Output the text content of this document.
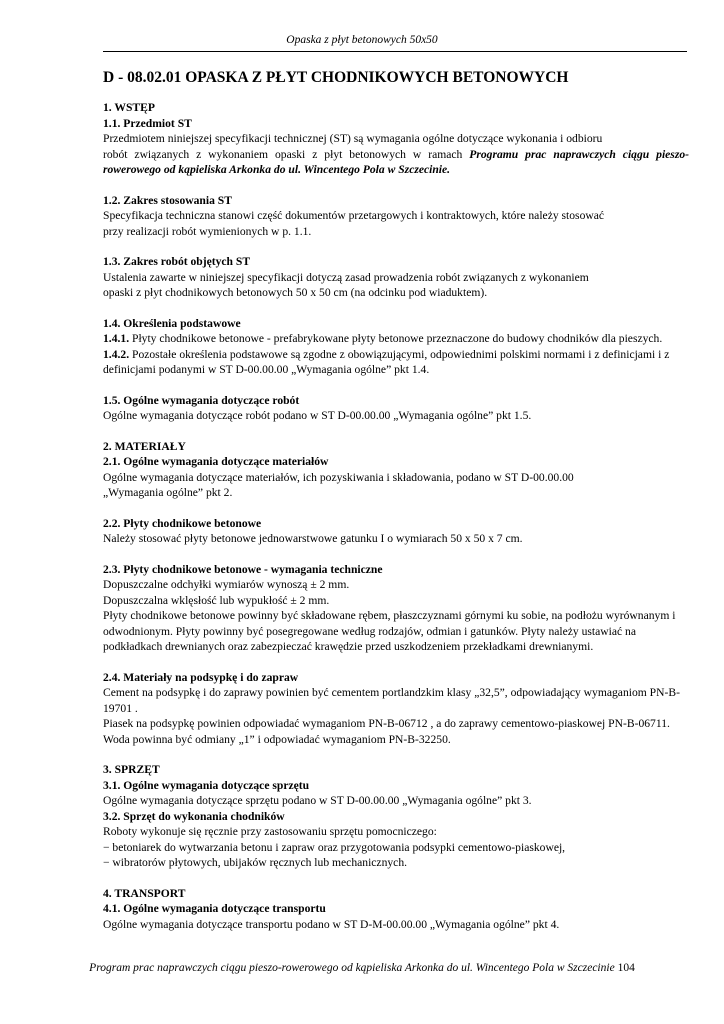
Opaska z płyt betonowych 50x50
D - 08.02.01 OPASKA Z PŁYT CHODNIKOWYCH BETONOWYCH

1. WSTĘP

1.1. Przedmiot ST

Przedmiotem niniejszej specyfikacji technicznej (ST) są wymagania ogólne dotyczące wykonania i odbioru

robót związanych z wykonaniem opaski z płyt betonowych w ramach Programu prac naprawczych ciągu pieszo-rowerowego od kąpieliska Arkonka do ul. Wincentego Pola w Szczecinie.

1.2. Zakres stosowania ST

Specyfikacja techniczna stanowi część dokumentów przetargowych i kontraktowych, które należy stosować

przy realizacji robót wymienionych w p. 1.1.

1.3. Zakres robót objętych ST

Ustalenia zawarte w niniejszej specyfikacji dotyczą zasad prowadzenia robót związanych z wykonaniem

opaski z płyt chodnikowych betonowych 50 x 50 cm (na odcinku pod wiaduktem).

1.4. Określenia podstawowe

1.4.1. Płyty chodnikowe betonowe - prefabrykowane płyty betonowe przeznaczone do budowy chodników dla pieszych.

1.4.2. Pozostałe określenia podstawowe są zgodne z obowiązującymi, odpowiednimi polskimi normami i z definicjami i z definicjami podanymi w ST D-00.00.00 „Wymagania ogólne” pkt 1.4.

1.5. Ogólne wymagania dotyczące robót

Ogólne wymagania dotyczące robót podano w ST D-00.00.00 „Wymagania ogólne” pkt 1.5.

2. MATERIAŁY

2.1. Ogólne wymagania dotyczące materiałów

Ogólne wymagania dotyczące materiałów, ich pozyskiwania i składowania, podano w ST D-00.00.00

„Wymagania ogólne” pkt 2.

2.2. Płyty chodnikowe betonowe

Należy stosować płyty betonowe jednowarstwowe gatunku I o wymiarach 50 x 50 x 7 cm.

2.3. Płyty chodnikowe betonowe - wymagania techniczne

Dopuszczalne odchyłki wymiarów wynoszą ± 2 mm.

Dopuszczalna wklęsłość lub wypukłość ± 2 mm.

Płyty chodnikowe betonowe powinny być składowane rębem, płaszczyznami górnymi ku sobie, na podłożu wyrównanym i odwodnionym. Płyty powinny być posegregowane według rodzajów, odmian i gatunków. Płyty należy ustawiać na podkładkach drewnianych oraz zabezpieczać krawędzie przed uszkodzeniem przekładkami drewnianymi.

2.4. Materiały na podsypkę i do zapraw

Cement na podsypkę i do zaprawy powinien być cementem portlandzkim klasy „32,5”, odpowiadający wymaganiom PN-B-19701 .

Piasek na podsypkę powinien odpowiadać wymaganiom PN-B-06712 , a do zaprawy cementowo-piaskowej PN-B-06711.

Woda powinna być odmiany „1” i odpowiadać wymaganiom PN-B-32250.

3. SPRZĘT

3.1. Ogólne wymagania dotyczące sprzętu

Ogólne wymagania dotyczące sprzętu podano w ST D-00.00.00 „Wymagania ogólne” pkt 3.

3.2. Sprzęt do wykonania chodników

Roboty wykonuje się ręcznie przy zastosowaniu sprzętu pomocniczego:

− betoniarek do wytwarzania betonu i zapraw oraz przygotowania podsypki cementowo-piaskowej,

− wibratorów płytowych, ubijaków ręcznych lub mechanicznych.

4. TRANSPORT

4.1. Ogólne wymagania dotyczące transportu

Ogólne wymagania dotyczące transportu podano w ST D-M-00.00.00 „Wymagania ogólne” pkt 4.

Program prac naprawczych ciągu pieszo-rowerowego od kąpieliska Arkonka do ul. Wincentego Pola w Szczecinie 104
